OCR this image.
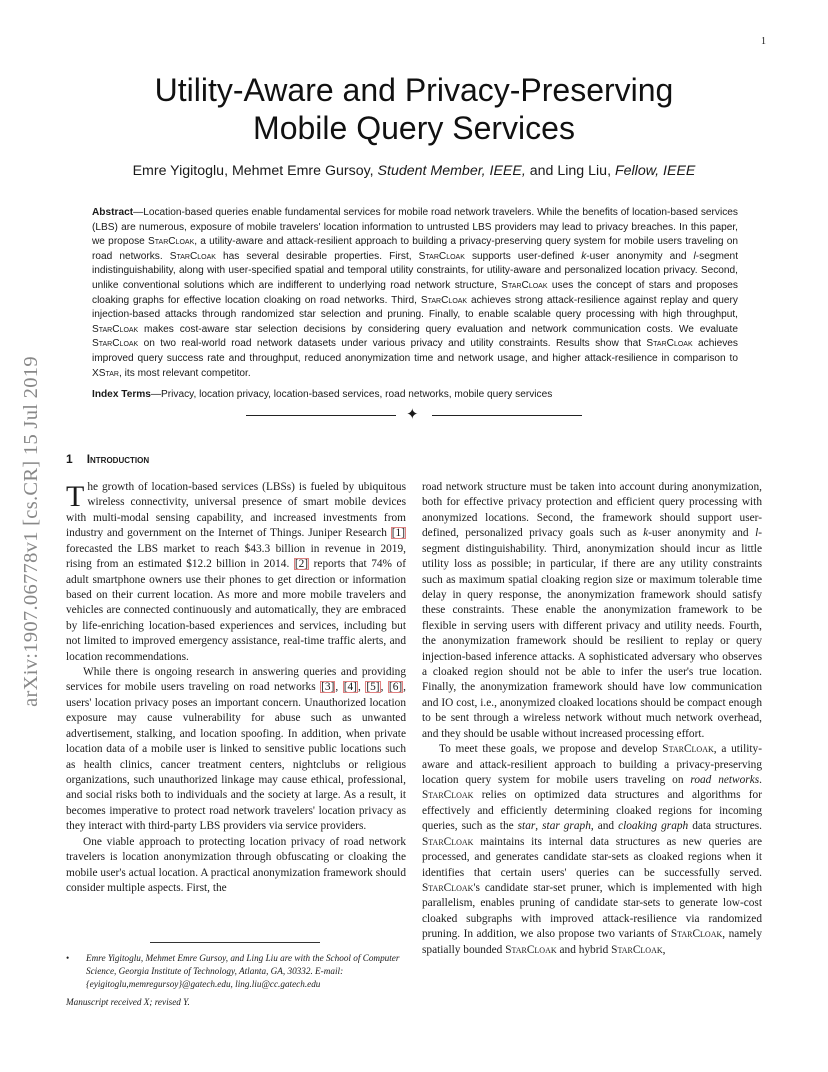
1
arXiv:1907.06778v1 [cs.CR] 15 Jul 2019
Utility-Aware and Privacy-Preserving
Mobile Query Services
Emre Yigitoglu, Mehmet Emre Gursoy, Student Member, IEEE, and Ling Liu, Fellow, IEEE
Abstract—Location-based queries enable fundamental services for mobile road network travelers. While the benefits of location-based services (LBS) are numerous, exposure of mobile travelers' location information to untrusted LBS providers may lead to privacy breaches. In this paper, we propose StarCloak, a utility-aware and attack-resilient approach to building a privacy-preserving query system for mobile users traveling on road networks. StarCloak has several desirable properties. First, StarCloak supports user-defined k-user anonymity and l-segment indistinguishability, along with user-specified spatial and temporal utility constraints, for utility-aware and personalized location privacy. Second, unlike conventional solutions which are indifferent to underlying road network structure, StarCloak uses the concept of stars and proposes cloaking graphs for effective location cloaking on road networks. Third, StarCloak achieves strong attack-resilience against replay and query injection-based attacks through randomized star selection and pruning. Finally, to enable scalable query processing with high throughput, StarCloak makes cost-aware star selection decisions by considering query evaluation and network communication costs. We evaluate StarCloak on two real-world road network datasets under various privacy and utility constraints. Results show that StarCloak achieves improved query success rate and throughput, reduced anonymization time and network usage, and higher attack-resilience in comparison to XStar, its most relevant competitor.
Index Terms—Privacy, location privacy, location-based services, road networks, mobile query services
✦
1 Introduction

The growth of location-based services (LBSs) is fueled by ubiquitous wireless connectivity, universal presence of smart mobile devices with multi-modal sensing capability, and increased investments from industry and government on the Internet of Things. Juniper Research [1] forecasted the LBS market to reach $43.3 billion in revenue in 2019, rising from an estimated $12.2 billion in 2014. [2] reports that 74% of adult smartphone owners use their phones to get direction or information based on their current location. As more and more mobile travelers and vehicles are connected continuously and automatically, they are embraced by life-enriching location-based experiences and services, including but not limited to improved emergency assistance, real-time traffic alerts, and location recommendations.

While there is ongoing research in answering queries and providing services for mobile users traveling on road networks [3], [4], [5], [6], users' location privacy poses an important concern. Unauthorized location exposure may cause vulnerability for abuse such as unwanted advertisement, stalking, and location spoofing. In addition, when private location data of a mobile user is linked to sensitive public locations such as health clinics, cancer treatment centers, nightclubs or religious organizations, such unauthorized linkage may cause ethical, professional, and social risks both to individuals and the society at large. As a result, it becomes imperative to protect road network travelers' location privacy as they interact with third-party LBS providers via service providers.

One viable approach to protecting location privacy of road network travelers is location anonymization through obfuscating or cloaking the mobile user's actual location. A practical anonymization framework should consider multiple aspects. First, the

• Emre Yigitoglu, Mehmet Emre Gursoy, and Ling Liu are with the School of Computer Science, Georgia Institute of Technology, Atlanta, GA, 30332. E-mail: {eyigitoglu,memregursoy}@gatech.edu, ling.liu@cc.gatech.edu
Manuscript received X; revised Y.

road network structure must be taken into account during anonymization, both for effective privacy protection and efficient query processing with anonymized locations. Second, the framework should support user-defined, personalized privacy goals such as k-user anonymity and l-segment distinguishability. Third, anonymization should incur as little utility loss as possible; in particular, if there are any utility constraints such as maximum spatial cloaking region size or maximum tolerable time delay in query response, the anonymization framework should satisfy these constraints. These enable the anonymization framework to be flexible in serving users with different privacy and utility needs. Fourth, the anonymization framework should be resilient to replay or query injection-based inference attacks. A sophisticated adversary who observes a cloaked region should not be able to infer the user's true location. Finally, the anonymization framework should have low communication and IO cost, i.e., anonymized cloaked locations should be compact enough to be sent through a wireless network without much network overhead, and they should be usable without increased processing effort.

To meet these goals, we propose and develop StarCloak, a utility-aware and attack-resilient approach to building a privacy-preserving location query system for mobile users traveling on road networks. StarCloak relies on optimized data structures and algorithms for effectively and efficiently determining cloaked regions for incoming queries, such as the star, star graph, and cloaking graph data structures. StarCloak maintains its internal data structures as new queries are processed, and generates candidate star-sets as cloaked regions when it identifies that certain users' queries can be successfully served. StarCloak's candidate star-set pruner, which is implemented with high parallelism, enables pruning of candidate star-sets to generate low-cost cloaked subgraphs with improved attack-resilience via randomized pruning. In addition, we also propose two variants of StarCloak, namely spatially bounded StarCloak and hybrid StarCloak,
